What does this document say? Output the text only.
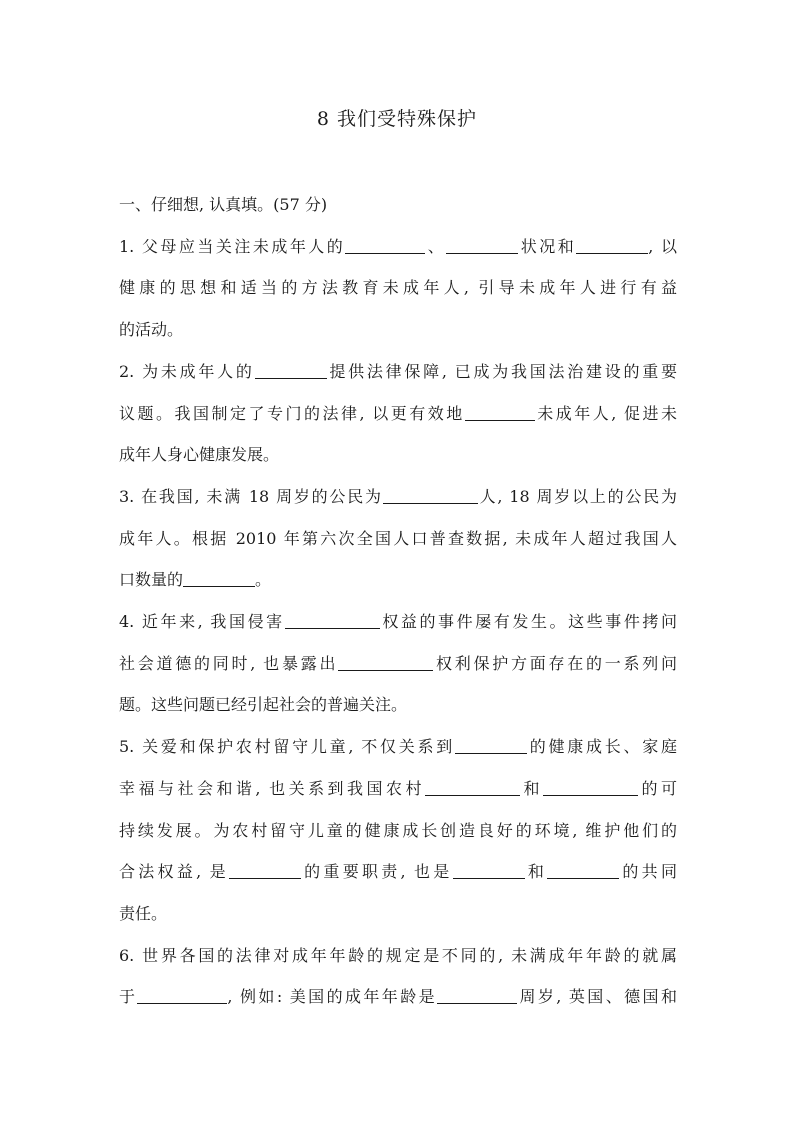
8 我们受特殊保护
一、仔细想, 认真填。(57 分)
1. 父母应当关注未成年人的	、	状况和	, 以
健康的思想和适当的方法教育未成年人, 引导未成年人进行有益
的活动。
2. 为未成年人的	提供法律保障, 已成为我国法治建设的重要
议题。我国制定了专门的法律, 以更有效地	未成年人, 促进未
成年人身心健康发展。
3. 在我国, 未满 18 周岁的公民为	人, 18 周岁以上的公民为
成年人。根据 2010 年第六次全国人口普查数据, 未成年人超过我国人
口数量的	。
4. 近年来, 我国侵害	权益的事件屡有发生。这些事件拷问
社会道德的同时, 也暴露出	权利保护方面存在的一系列问
题。这些问题已经引起社会的普遍关注。
5. 关爱和保护农村留守儿童, 不仅关系到	的健康成长、家庭
幸福与社会和谐, 也关系到我国农村	和	的可
持续发展。为农村留守儿童的健康成长创造良好的环境, 维护他们的
合法权益, 是	的重要职责, 也是	和	的共同
责任。
6. 世界各国的法律对成年年龄的规定是不同的, 未满成年年龄的就属
于	, 例如: 美国的成年年龄是	周岁, 英国、德国和
